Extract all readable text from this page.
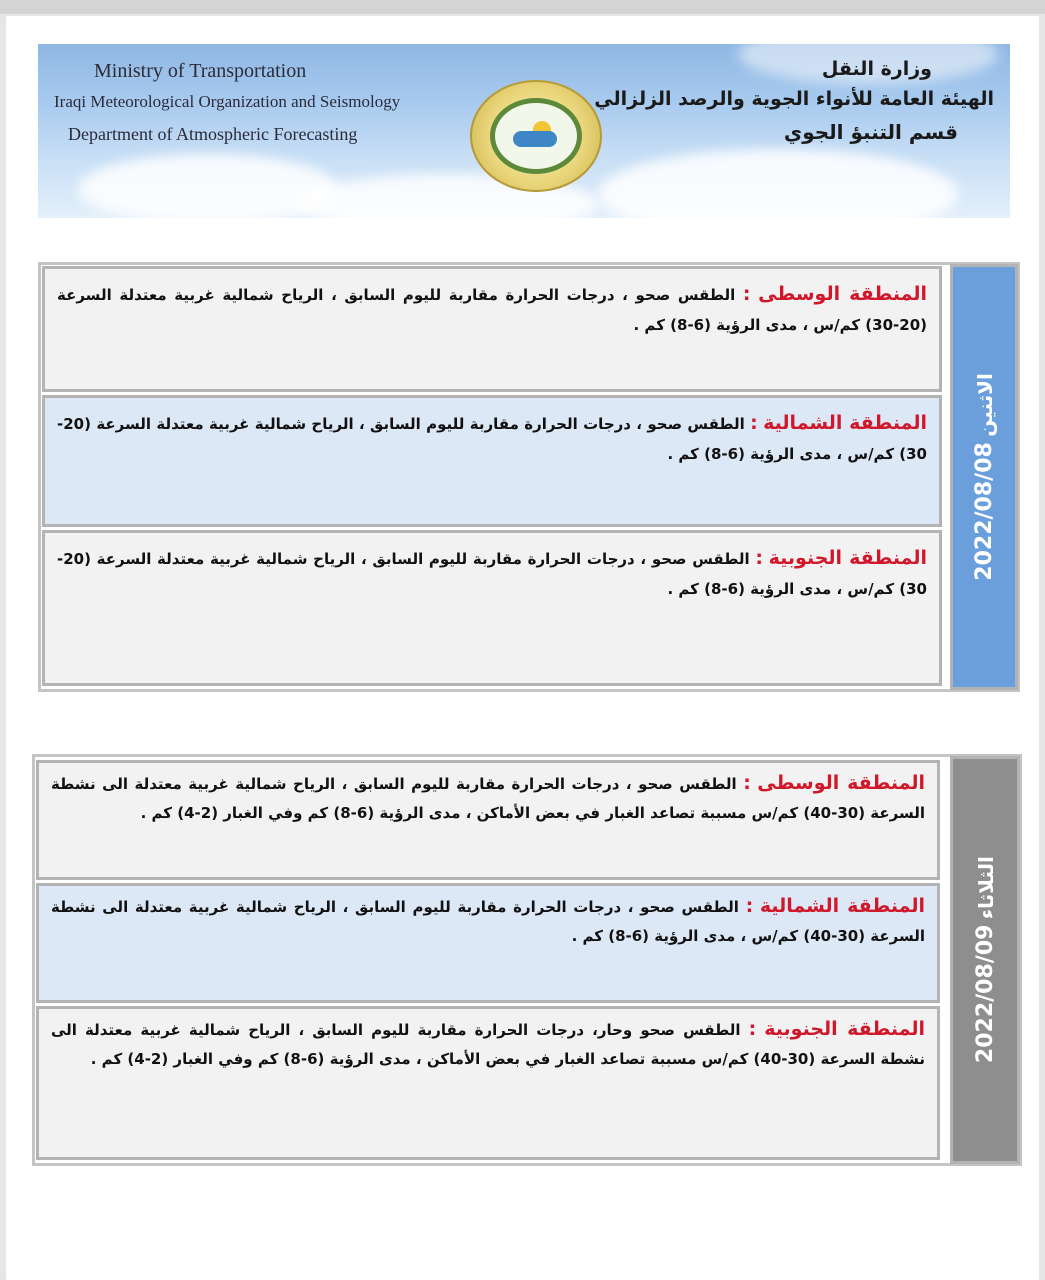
Ministry of Transportation
Iraqi Meteorological Organization and Seismology
Department of Atmospheric Forecasting
وزارة النقل
الهيئة العامة للأنواء الجوية والرصد الزلزالي
قسم التنبؤ الجوي
المنطقة الوسطى : الطقس صحو ، درجات الحرارة مقاربة لليوم السابق ، الرياح شمالية غربية معتدلة السرعة (20-30) كم/س ، مدى الرؤية (6-8) كم .
المنطقة الشمالية : الطقس صحو ، درجات الحرارة مقاربة لليوم السابق ، الرياح شمالية غربية معتدلة السرعة (20-30) كم/س ، مدى الرؤية (6-8) كم .
المنطقة الجنوبية : الطقس صحو ، درجات الحرارة مقاربة لليوم السابق ، الرياح شمالية غربية معتدلة السرعة (20-30) كم/س ، مدى الرؤية (6-8) كم .
2022/08/08 الاثنين
المنطقة الوسطى : الطقس صحو ، درجات الحرارة مقاربة لليوم السابق ، الرياح شمالية غربية معتدلة الى نشطة السرعة (30-40) كم/س مسببة تصاعد الغبار في بعض الأماكن ، مدى الرؤية (6-8) كم وفي الغبار (2-4) كم .
المنطقة الشمالية : الطقس صحو ، درجات الحرارة مقاربة لليوم السابق ، الرياح شمالية غربية معتدلة الى نشطة السرعة (30-40) كم/س ، مدى الرؤية (6-8) كم .
المنطقة الجنوبية : الطقس صحو وحار، درجات الحرارة مقاربة لليوم السابق ، الرياح شمالية غربية معتدلة الى نشطة السرعة (30-40) كم/س مسببة تصاعد الغبار في بعض الأماكن ، مدى الرؤية (6-8) كم وفي الغبار (2-4) كم .	2022/08/09 الثلاثاء
